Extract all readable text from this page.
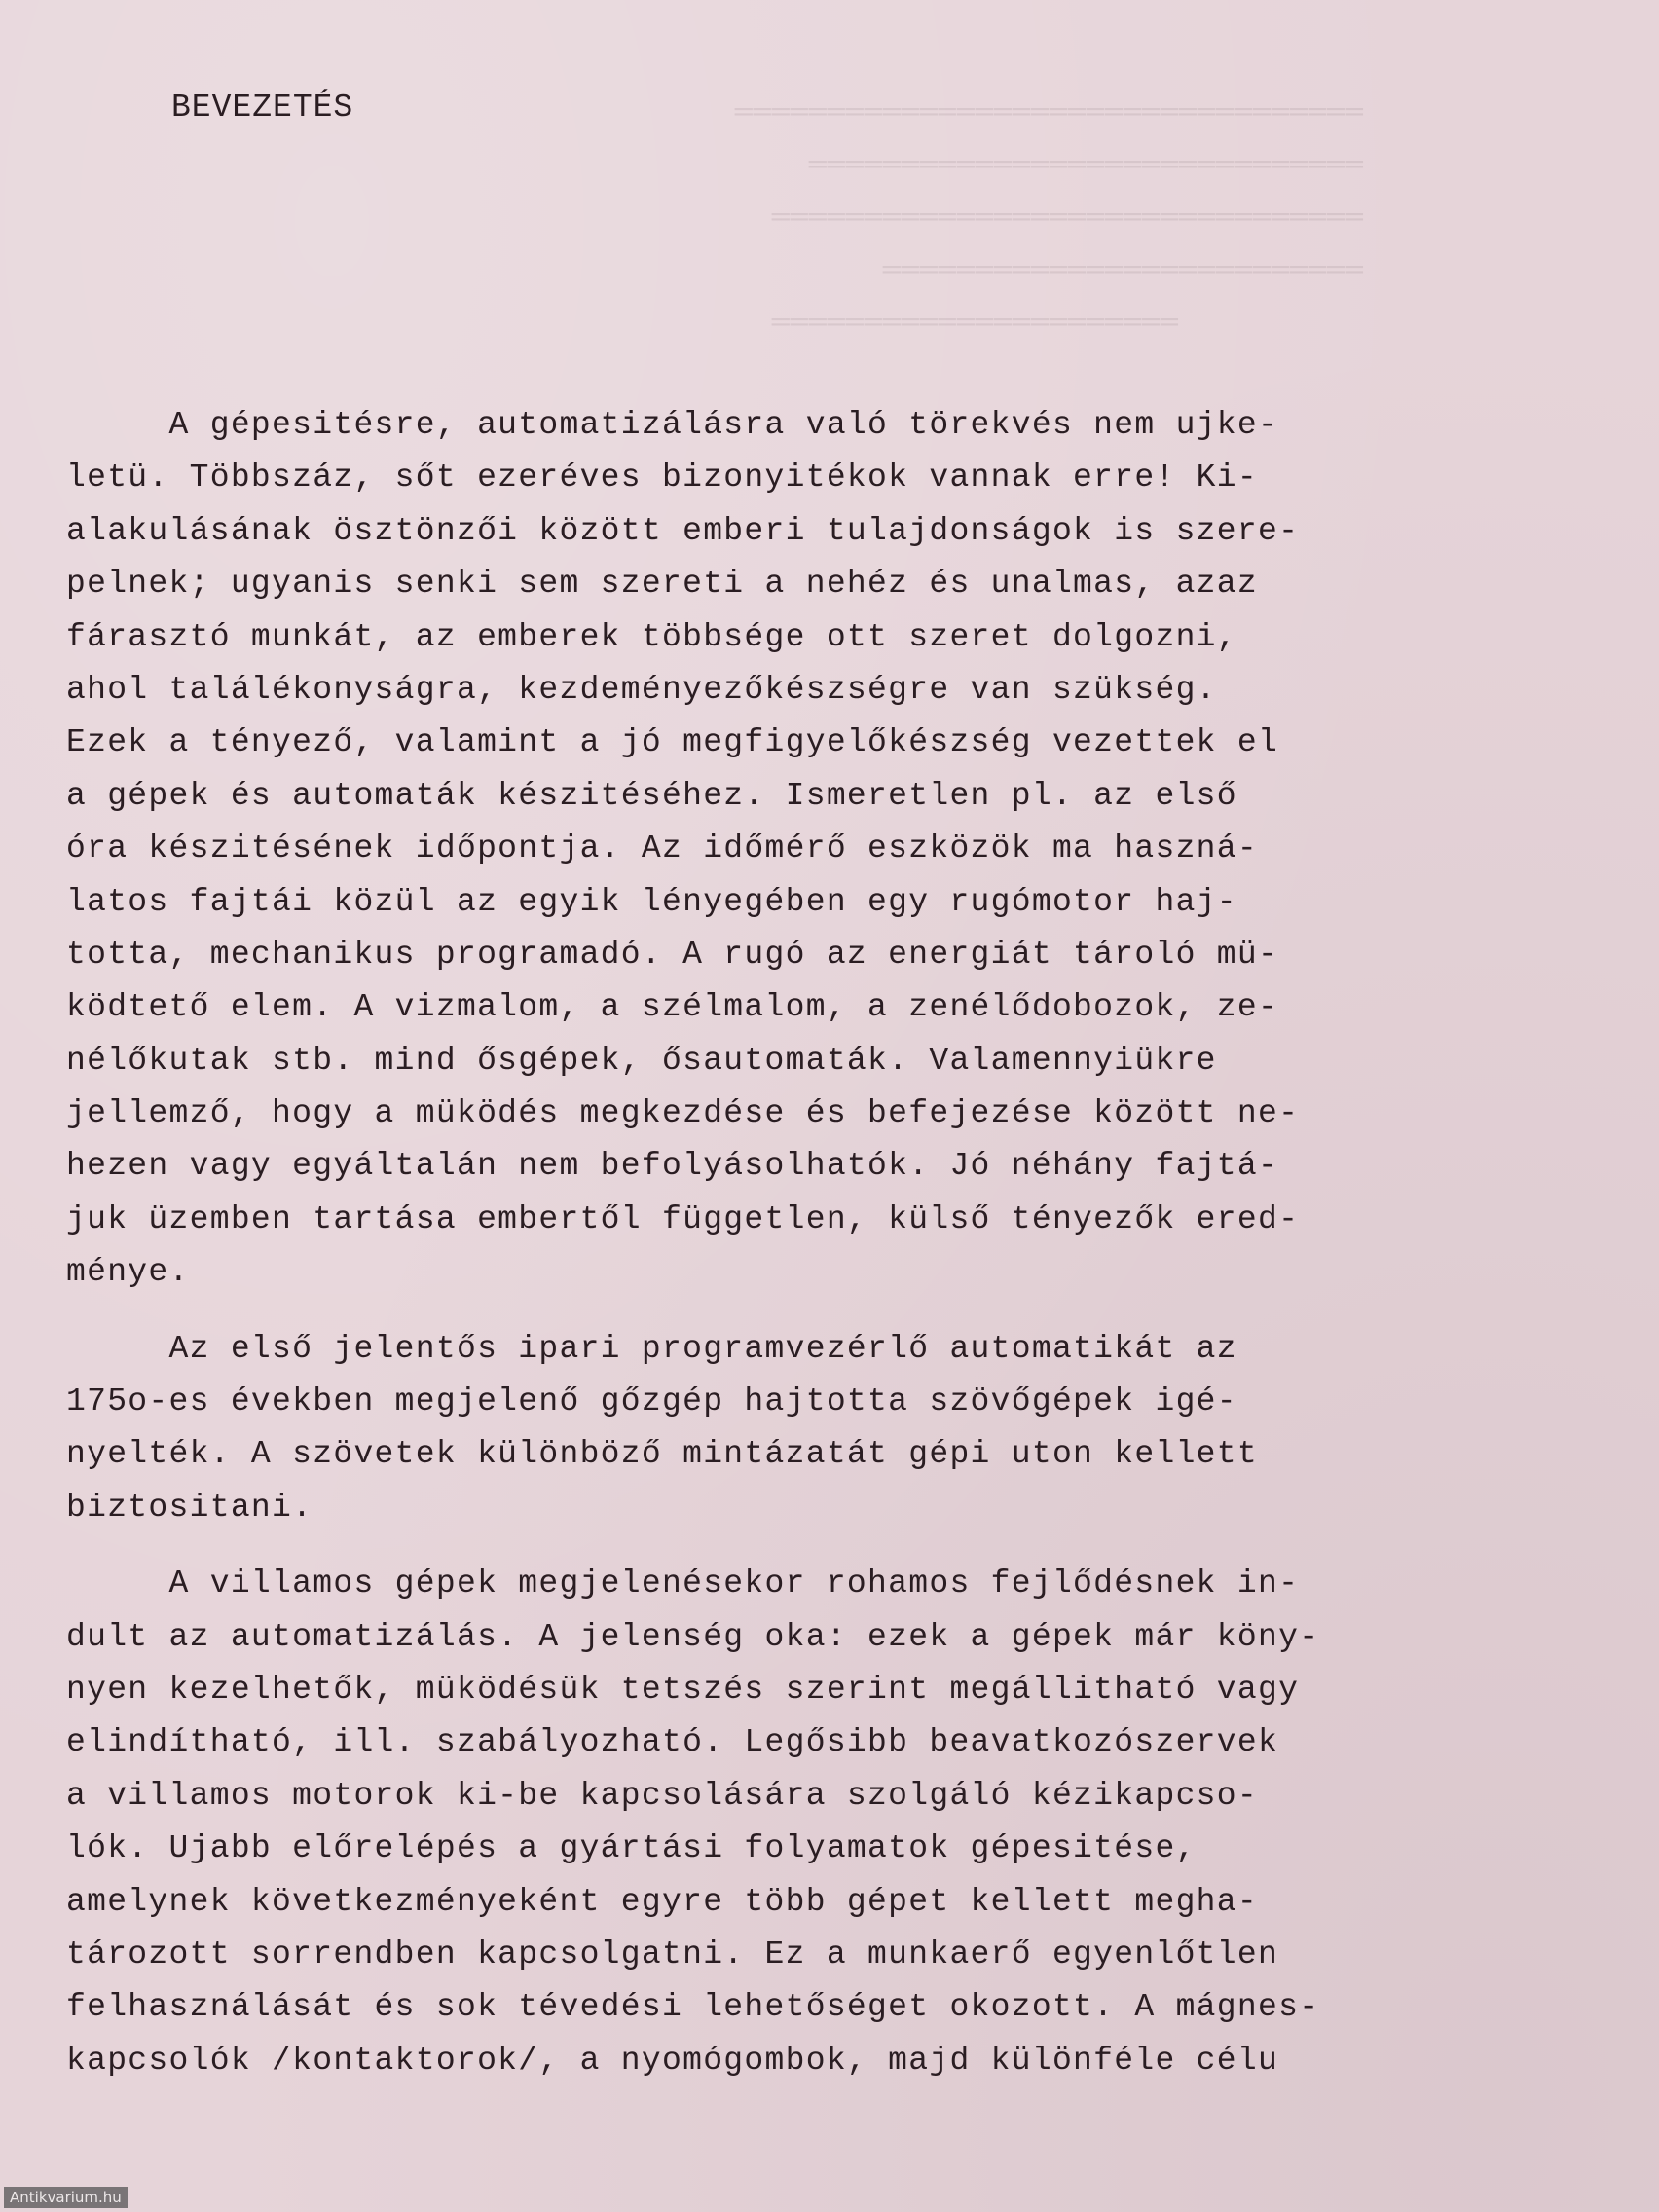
══════════════════════════════════
══════════════════════════════
════════════════════════════════
══════════════════════════
══════════════════════
BEVEZETÉS
A gépesitésre, automatizálásra való törekvés nem ujke-
letü. Többszáz, sőt ezeréves bizonyitékok vannak erre! Ki-
alakulásának ösztönzői között emberi tulajdonságok is szere-
pelnek; ugyanis senki sem szereti a nehéz és unalmas, azaz
fárasztó munkát, az emberek többsége ott szeret dolgozni,
ahol találékonyságra, kezdeményezőkészségre van szükség.
Ezek a tényező, valamint a jó megfigyelőkészség vezettek el
a gépek és automaták készitéséhez. Ismeretlen pl. az első
óra készitésének időpontja. Az időmérő eszközök ma haszná-
latos fajtái közül az egyik lényegében egy rugómotor haj-
totta, mechanikus programadó. A rugó az energiát tároló mü-
ködtető elem. A vizmalom, a szélmalom, a zenélődobozok, ze-
nélőkutak stb. mind ősgépek, ősautomaták. Valamennyiükre
jellemző, hogy a müködés megkezdése és befejezése között ne-
hezen vagy egyáltalán nem befolyásolhatók. Jó néhány fajtá-
juk üzemben tartása embertől független, külső tényezők ered-
ménye.
Az első jelentős ipari programvezérlő automatikát az
175o-es években megjelenő gőzgép hajtotta szövőgépek igé-
nyelték. A szövetek különböző mintázatát gépi uton kellett
biztositani.
A villamos gépek megjelenésekor rohamos fejlődésnek in-
dult az automatizálás. A jelenség oka: ezek a gépek már köny-
nyen kezelhetők, müködésük tetszés szerint megállitható vagy
elindítható, ill. szabályozható. Legősibb beavatkozószervek
a villamos motorok ki-be kapcsolására szolgáló kézikapcso-
lók. Ujabb előrelépés a gyártási folyamatok gépesitése,
amelynek következményeként egyre több gépet kellett megha-
tározott sorrendben kapcsolgatni. Ez a munkaerő egyenlőtlen
felhasználását és sok tévedési lehetőséget okozott. A mágnes-
kapcsolók /kontaktorok/, a nyomógombok, majd különféle célu
Antikvarium.hu
